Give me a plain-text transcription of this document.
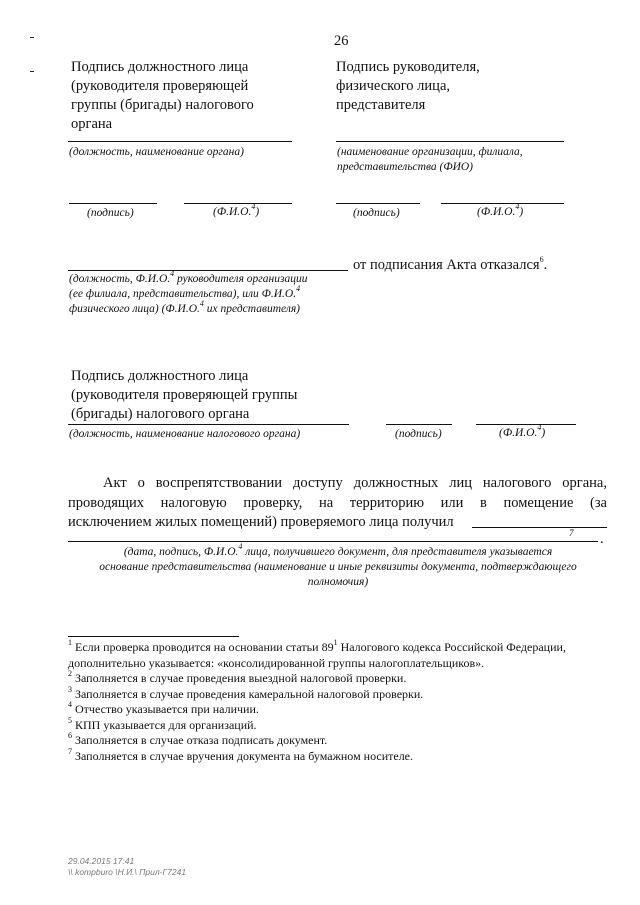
26
Подпись должностного лица
(руководителя проверяющей
группы (бригады) налогового
органа
Подпись руководителя,
физического лица,
представителя
(должность, наименование органа)	(наименование организации, филиала,
представительства (ФИО)
(подпись)	(Ф.И.О.$^4$)	(подпись)	(Ф.И.О.$^4$)
от подписания Акта отказался$^6$.
(должность, Ф.И.О.$^4$ руководителя организации
(ее филиала, представительства), или Ф.И.О.$^4$
физического лица) (Ф.И.О.$^4$ их представителя)
Подпись должностного лица
(руководителя проверяющей группы
(бригады) налогового органа
(должность, наименование налогового органа)	(подпись)	(Ф.И.О.$^4$)
Акт о воспрепятствовании доступу должностных лиц налогового органа,
проводящих налоговую проверку, на территорию или в помещение (за
исключением жилых помещений) проверяемого лица получил
7 .
(дата, подпись, Ф.И.О.$^4$ лица, получившего документ, для представителя указывается
основание представительства (наименование и иные реквизиты документа, подтверждающего
полномочия)
$^1$ Если проверка проводится на основании статьи $89^1$ Налогового кодекса Российской Федерации,
дополнительно указывается: «консолидированной группы налогоплательщиков».
$^2$ Заполняется в случае проведения выездной налоговой проверки.
$^3$ Заполняется в случае проведения камеральной налоговой проверки.
$^4$ Отчество указывается при наличии.
$^5$ КПП указывается для организаций.
$^6$ Заполняется в случае отказа подписать документ.
$^7$ Заполняется в случае вручения документа на бумажном носителе.
29.04.2015 17:41
\\ kompburo \Н.И.\ Прил-Г7241
